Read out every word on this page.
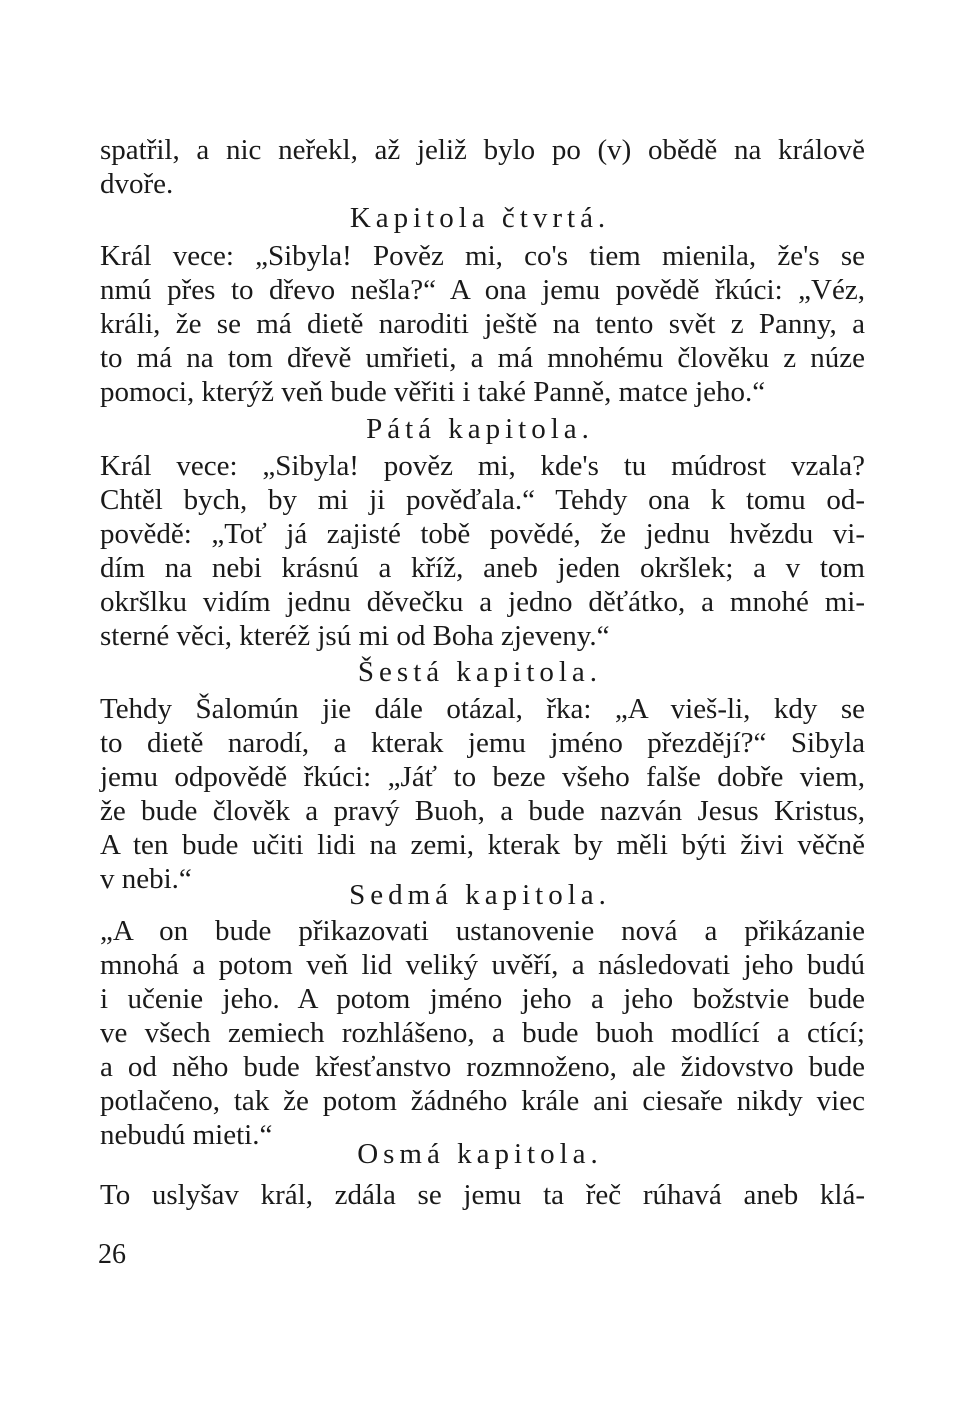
spatřil, a nic neřekl, až jeliž bylo po (v) obědě na královĕ
dvoře.
Kapitola čtvrtá.
Král vece: „Sibyla! Pověz mi, co's tiem mienila, že's se
nmú přes to dřevo nešla?“ A ona jemu povědě řkúci: „Véz,
králi, že se má dietě naroditi ještě na tento svět z Panny, a
to má na tom dřevě umřieti, a má mnohému člověku z núze
pomoci, kterýž veň bude věřiti i také Panně, matce jeho.“
Pátá kapitola.
Král vece: „Sibyla! pověz mi, kde's tu múdrost vzala?
Chtěl bych, by mi ji pověďala.“ Tehdy ona k tomu od-
povědě: „Toť já zajisté tobě povědé, že jednu hvězdu vi-
dím na nebi krásnú a kříž, aneb jeden okršlek; a v tom
okršlku vidím jednu děvečku a jedno děťátko, a mnohé mi-
sterné věci, kteréž jsú mi od Boha zjeveny.“
Šestá kapitola.
Tehdy Šalomún jie dále otázal, řka: „A vieš-li, kdy se
to dietě narodí, a kterak jemu jméno přezdějí?“ Sibyla
jemu odpovědě řkúci: „Jáť to beze všeho falše dobře viem,
že bude člověk a pravý Buoh, a bude nazván Jesus Kristus,
A ten bude učiti lidi na zemi, kterak by měli býti živi věčně
v nebi.“	Sedmá kapitola.
„A on bude přikazovati ustanovenie nová a přikázanie
mnohá a potom veň lid veliký uvěří, a následovati jeho budú
i učenie jeho. A potom jméno jeho a jeho božstvie bude
ve všech zemiech rozhlášeno, a bude buoh modlící a ctící;
a od něho bude křesťanstvo rozmnoženo, ale židovstvo bude
potlačeno, tak že potom žádného krále ani ciesaře nikdy viec
nebudú mieti.“
Osmá kapitola.
To uslyšav král, zdála se jemu ta řeč rúhavá aneb klá-
26
